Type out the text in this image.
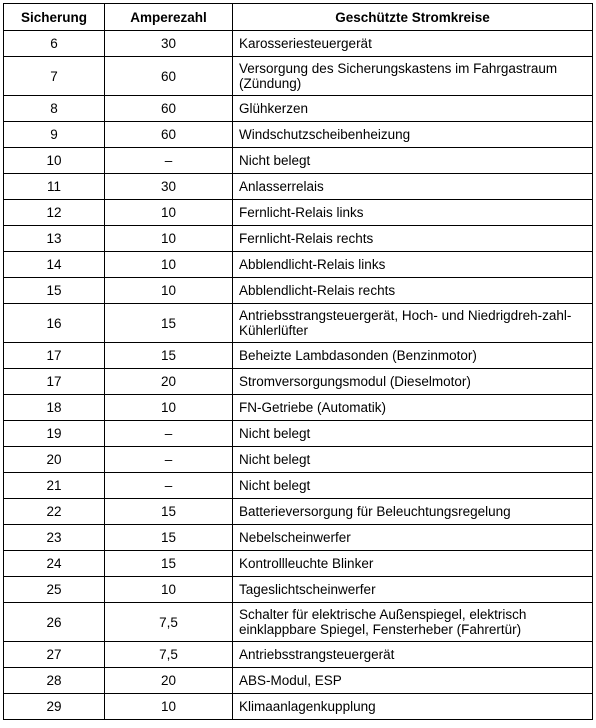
Sicherung	Amperezahl	Geschützte Stromkreise
6	30	Karosseriesteuergerät
7	60	Versorgung des Sicherungskastens im Fahrgastraum (Zündung)
8	60	Glühkerzen
9	60	Windschutzscheibenheizung
10	–	Nicht belegt
11	30	Anlasserrelais
12	10	Fernlicht-Relais links
13	10	Fernlicht-Relais rechts
14	10	Abblendlicht-Relais links
15	10	Abblendlicht-Relais rechts
16	15	Antriebsstrangsteuergerät, Hoch- und Niedrigdreh-zahl-Kühlerlüfter
17	15	Beheizte Lambdasonden (Benzinmotor)
17	20	Stromversorgungsmodul (Dieselmotor)
18	10	FN-Getriebe (Automatik)
19	–	Nicht belegt
20	–	Nicht belegt
21	–	Nicht belegt
22	15	Batterieversorgung für Beleuchtungsregelung
23	15	Nebelscheinwerfer
24	15	Kontrollleuchte Blinker
25	10	Tageslichtscheinwerfer
26	7,5	Schalter für elektrische Außenspiegel, elektrisch einklappbare Spiegel, Fensterheber (Fahrertür)
27	7,5	Antriebsstrangsteuergerät
28	20	ABS-Modul, ESP
29	10	Klimaanlagenkupplung
